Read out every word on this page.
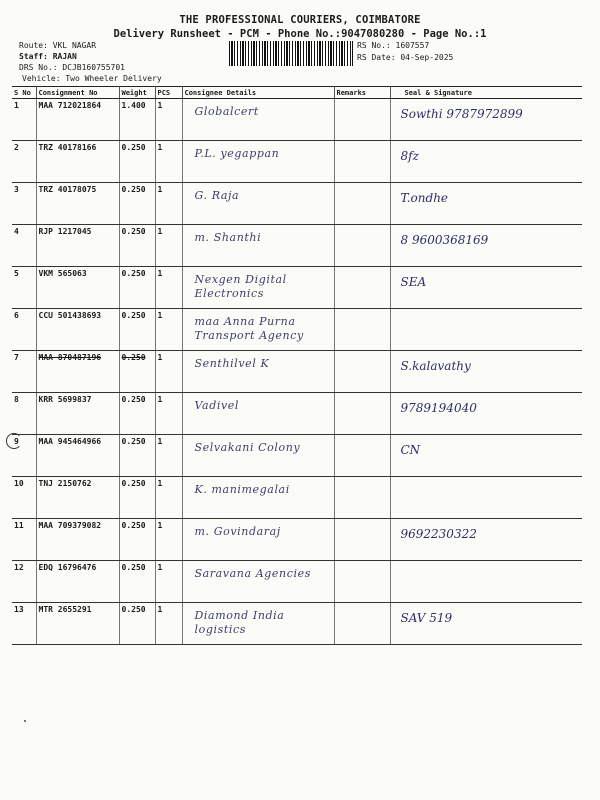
THE PROFESSIONAL COURIERS, COIMBATORE
Delivery Runsheet - PCM - Phone No.:9047080280 - Page No.:1
Route: VKL NAGAR
Staff: RAJAN
DRS No.: DCJB160755701
Vehicle: Two Wheeler Delivery
RS No.: 1607557
RS Date: 04-Sep-2025
S No	Consignment No	Weight	PCS	Consignee Details	Remarks	Seal & Signature
1	MAA 712021864	1.400	1	Globalcert		Sowthi 9787972899

2	TRZ 40178166	0.250	1	P.L. yegappan		8fz

3	TRZ 40178075	0.250	1	G. Raja		T.ondhe

4	RJP 1217045	0.250	1	m. Shanthi		8 9600368169

5	VKM 565063	0.250	1	Nexgen Digital Electronics		SEA

6	CCU 501438693	0.250	1	maa Anna Purna Transport Agency		

7	MAA 870487196	0.250	1	Senthilvel K		S.kalavathy

8	KRR 5699837	0.250	1	Vadivel		9789194040

9	MAA 945464966	0.250	1	Selvakani Colony		CN

10	TNJ 2150762	0.250	1	K. manimegalai		

11	MAA 709379082	0.250	1	m. Govindaraj		9692230322

12	EDQ 16796476	0.250	1	Saravana Agencies		

13	MTR 2655291	0.250	1	Diamond India logistics		SAV 519
